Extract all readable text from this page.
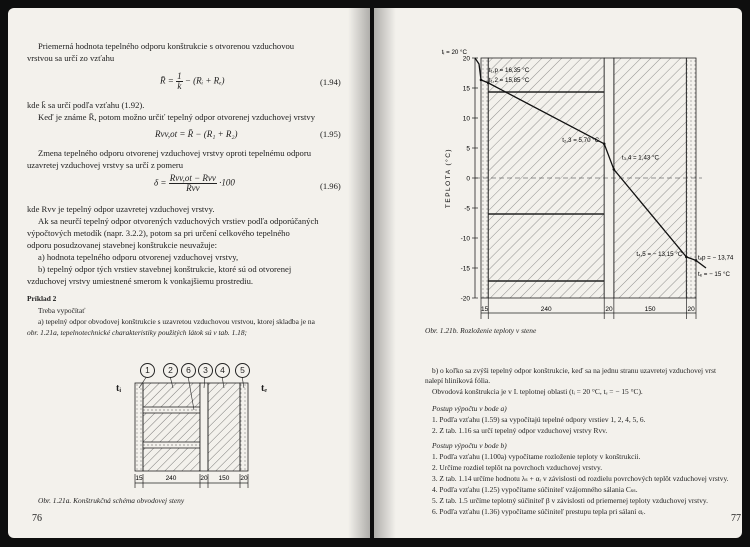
Priemerná hodnota tepelného odporu konštrukcie s otvorenou vzduchovou
vrstvou sa určí zo vzťahu
R̄ = $\frac{1}{k̄}$ − (Rᵢ + Rₑ)	(1.94)
kde k̄ sa určí podľa vzťahu (1.92).
Keď je známe R̄, potom možno určiť tepelný odpor otvorenej vzduchovej vrstvy
Rvv,ot = R̄ − (R₁ + R₂)	(1.95)
Zmena tepelného odporu otvorenej vzduchovej vrstvy oproti tepelnému odporu
uzavretej vzduchovej vrstvy sa určí z pomeru
$\delta = \frac{\text{Rvv,ot − Rvv}}{\text{Rvv}} \cdot 100$	(1.96)
kde Rvv je tepelný odpor uzavretej vzduchovej vrstvy.
Ak sa neurčí tepelný odpor otvorených vzduchových vrstiev podľa odporúčaných
výpočtových metodík (napr. 3.2.2), potom sa pri určení celkového tepelného
odporu posudzovanej stavebnej konštrukcie neuvažuje:
a) hodnota tepelného odporu otvorenej vzduchovej vrstvy,
b) tepelný odpor tých vrstiev stavebnej konštrukcie, ktoré sú od otvorenej
vzduchovej vrstvy umiestnené smerom k vonkajšiemu prostrediu.
Príklad 2
Treba vypočítať
a) tepelný odpor obvodovej konštrukcie s uzavretou vzduchovou vrstvou, ktorej skladba je na
obr. 1.21a, tepelnotechnické charakteristiky použitých látok sú v tab. 1.18;
15	240	20 150 20
1	2	6	3	4	5
tᵢ	tₑ
Obr. 1.21a. Konštrukčná schéma obvodovej steny
76
20
15
10
5
0
-5
-10
-15
-20
TEPLOTA (°C)
15	240	20	150	20
tᵢ = 20 °C
t₁,p = 16,35 °C
t₁,2 = 15,85 °C
t₂,3 = 5,70 °C
t₃,4 = 1,43 °C
t₄,5 = − 13,15 °C
tₑp = − 13,74
tₑ = − 15 °C
Obr. 1.21b. Rozloženie teploty v stene
b) o koľko sa zvýši tepelný odpor konštrukcie, keď sa na jednu stranu uzavretej vzduchovej vrst
nalepí hliníková fólia.
Obvodová konštrukcia je v I. teplotnej oblasti (tᵢ = 20 °C, tₑ = − 15 °C).
Postup výpočtu v bode a)
1. Podľa vzťahu (1.59) sa vypočítajú tepelné odpory vrstiev 1, 2, 4, 5, 6.
2. Z tab. 1.16 sa určí tepelný odpor vzduchovej vrstvy Rvv.
Postup výpočtu v bode b)
1. Podľa vzťahu (1.100a) vypočítame rozloženie teploty v konštrukcii.
2. Určíme rozdiel teplôt na povrchoch vzduchovej vrstvy.
3. Z tab. 1.14 určíme hodnotu λₛ + αᵣ v závislosti od rozdielu povrchových teplôt vzduchovej vrstvy.
4. Podľa vzťahu (1.25) vypočítame súčiniteľ vzájomného sálania Cₛₛ.
5. Z tab. 1.5 určíme teplotný súčiniteľ β v závislosti od priemernej teploty vzduchovej vrstvy.
6. Podľa vzťahu (1.36) vypočítame súčiniteľ prestupu tepla pri sálaní αᵣ.
77
